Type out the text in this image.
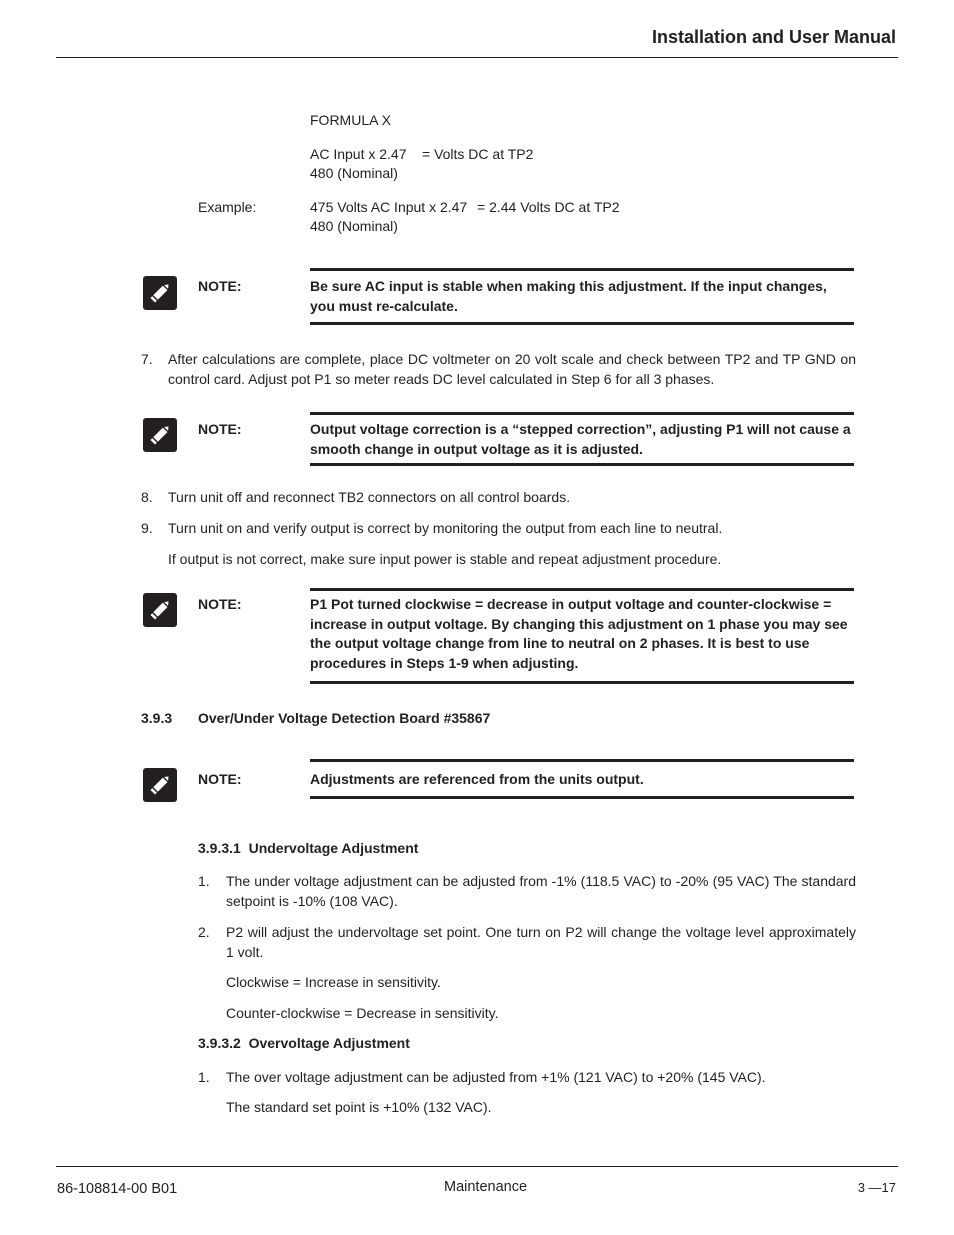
Installation and User Manual
FORMULA X
AC Input x 2.47 = Volts DC at TP2
480 (Nominal)
Example:	475 Volts AC Input x 2.47 = 2.44 Volts DC at TP2
480 (Nominal)
NOTE:	Be sure AC input is stable when making this adjustment. If the input changes, you must re-calculate.
7. After calculations are complete, place DC voltmeter on 20 volt scale and check between TP2 and TP GND on control card. Adjust pot P1 so meter reads DC level calculated in Step 6 for all 3 phases.
NOTE:	Output voltage correction is a “stepped correction”, adjusting P1 will not cause a smooth change in output voltage as it is adjusted.
8. Turn unit off and reconnect TB2 connectors on all control boards.
9. Turn unit on and verify output is correct by monitoring the output from each line to neutral.
If output is not correct, make sure input power is stable and repeat adjustment procedure.
NOTE:	P1 Pot turned clockwise = decrease in output voltage and counter-clockwise = increase in output voltage. By changing this adjustment on 1 phase you may see the output voltage change from line to neutral on 2 phases. It is best to use procedures in Steps 1-9 when adjusting.
3.9.3 Over/Under Voltage Detection Board #35867
NOTE:	Adjustments are referenced from the units output.
3.9.3.1  Undervoltage Adjustment
1. The under voltage adjustment can be adjusted from -1% (118.5 VAC) to -20% (95 VAC) The standard setpoint is -10% (108 VAC).
2. P2 will adjust the undervoltage set point. One turn on P2 will change the voltage level approximately 1 volt.
Clockwise = Increase in sensitivity.
Counter-clockwise = Decrease in sensitivity.
3.9.3.2  Overvoltage Adjustment
1. The over voltage adjustment can be adjusted from +1% (121 VAC) to +20% (145 VAC).
The standard set point is +10% (132 VAC).
86-108814-00 B01	Maintenance	3 —17
